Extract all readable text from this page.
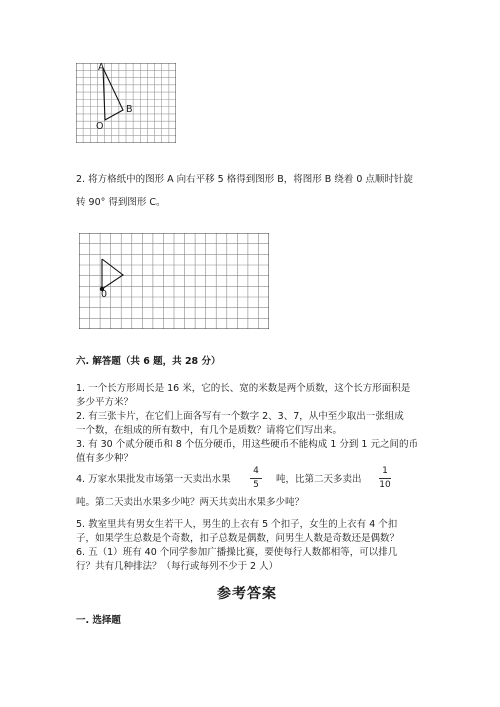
A
B
O
2. 将方格纸中的图形 A 向右平移 5 格得到图形 B，将图形 B 绕着 0 点顺时针旋
转 90° 得到图形 C。
0
六. 解答题（共 6 题，共 28 分）
1. 一个长方形周长是 16 米，它的长、宽的米数是两个质数，这个长方形面积是
多少平方米？
2. 有三张卡片，在它们上面各写有一个数字 2、3、7，从中至少取出一张组成
一个数，在组成的所有数中，有几个是质数？请将它们写出来。
3. 有 30 个贰分硬币和 8 个伍分硬币，用这些硬币不能构成 1 分到 1 元之间的币
值有多少种？
4. 万家水果批发市场第一天卖出水果
4
5	吨，比第二天多卖出
1
10
吨。第二天卖出水果多少吨？两天共卖出水果多少吨？
5. 教室里共有男女生若干人，男生的上衣有 5 个扣子，女生的上衣有 4 个扣
子，如果学生总数是个奇数，扣子总数是偶数，问男生人数是奇数还是偶数？
6. 五（1）班有 40 个同学参加广播操比赛，要使每行人数都相等，可以排几
行？共有几种排法？（每行或每列不少于 2 人）
参考答案
一. 选择题
